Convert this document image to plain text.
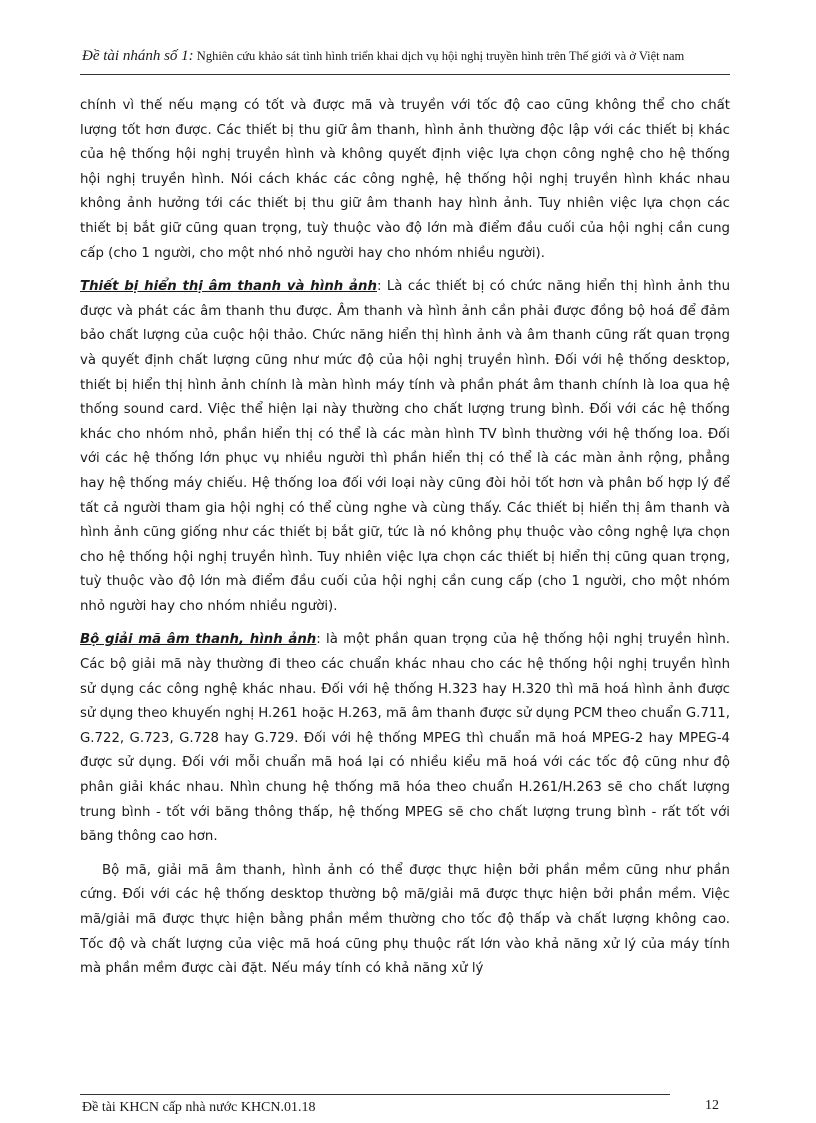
Đề tài nhánh số 1: Nghiên cứu khảo sát tình hình triển khai dịch vụ hội nghị truyền hình trên Thế giới và ở Việt nam

chính vì thế nếu mạng có tốt và được mã và truyền với tốc độ cao cũng không thể cho chất lượng tốt hơn được. Các thiết bị thu giữ âm thanh, hình ảnh thường độc lập với các thiết bị khác của hệ thống hội nghị truyền hình và không quyết định việc lựa chọn công nghệ cho hệ thống hội nghị truyền hình. Nói cách khác các công nghệ, hệ thống hội nghị truyền hình khác nhau không ảnh hưởng tới các thiết bị thu giữ âm thanh hay hình ảnh. Tuy nhiên việc lựa chọn các thiết bị bắt giữ cũng quan trọng, tuỳ thuộc vào độ lớn mà điểm đầu cuối của hội nghị cần cung cấp (cho 1 người, cho một nhó nhỏ người hay cho nhóm nhiều người).

Thiết bị hiển thị âm thanh và hình ảnh: Là các thiết bị có chức năng hiển thị hình ảnh thu được và phát các âm thanh thu được. Âm thanh và hình ảnh cần phải được đồng bộ hoá để đảm bảo chất lượng của cuộc hội thảo. Chức năng hiển thị hình ảnh và âm thanh cũng rất quan trọng và quyết định chất lượng cũng như mức độ của hội nghị truyền hình. Đối với hệ thống desktop, thiết bị hiển thị hình ảnh chính là màn hình máy tính và phần phát âm thanh chính là loa qua hệ thống sound card. Việc thể hiện lại này thường cho chất lượng trung bình. Đối với các hệ thống khác cho nhóm nhỏ, phần hiển thị có thể là các màn hình TV bình thường với hệ thống loa. Đối với các hệ thống lớn phục vụ nhiều người thì phần hiển thị có thể là các màn ảnh rộng, phẳng hay hệ thống máy chiếu. Hệ thống loa đối với loại này cũng đòi hỏi tốt hơn và phân bố hợp lý để tất cả người tham gia hội nghị có thể cùng nghe và cùng thấy. Các thiết bị hiển thị âm thanh và hình ảnh cũng giống như các thiết bị bắt giữ, tức là nó không phụ thuộc vào công nghệ lựa chọn cho hệ thống hội nghị truyền hình. Tuy nhiên việc lựa chọn các thiết bị hiển thị cũng quan trọng, tuỳ thuộc vào độ lớn mà điểm đầu cuối của hội nghị cần cung cấp (cho 1 người, cho một nhóm nhỏ người hay cho nhóm nhiều người).

Bộ giải mã âm thanh, hình ảnh: là một phần quan trọng của hệ thống hội nghị truyền hình. Các bộ giải mã này thường đi theo các chuẩn khác nhau cho các hệ thống hội nghị truyền hình sử dụng các công nghệ khác nhau. Đối với hệ thống H.323 hay H.320 thì mã hoá hình ảnh được sử dụng theo khuyến nghị H.261 hoặc H.263, mã âm thanh được sử dụng PCM theo chuẩn G.711, G.722, G.723, G.728 hay G.729. Đối với hệ thống MPEG thì chuẩn mã hoá MPEG-2 hay MPEG-4 được sử dụng. Đối với mỗi chuẩn mã hoá lại có nhiều kiểu mã hoá với các tốc độ cũng như độ phân giải khác nhau. Nhìn chung hệ thống mã hóa theo chuẩn H.261/H.263 sẽ cho chất lượng trung bình - tốt với băng thông thấp, hệ thống MPEG sẽ cho chất lượng trung bình - rất tốt với băng thông cao hơn.

Bộ mã, giải mã âm thanh, hình ảnh có thể được thực hiện bởi phần mềm cũng như phần cứng. Đối với các hệ thống desktop thường bộ mã/giải mã được thực hiện bởi phần mềm. Việc mã/giải mã được thực hiện bằng phần mềm thường cho tốc độ thấp và chất lượng không cao. Tốc độ và chất lượng của việc mã hoá cũng phụ thuộc rất lớn vào khả năng xử lý của máy tính mà phần mềm được cài đặt. Nếu máy tính có khả năng xử lý

Đề tài KHCN cấp nhà nước KHCN.01.18	12
